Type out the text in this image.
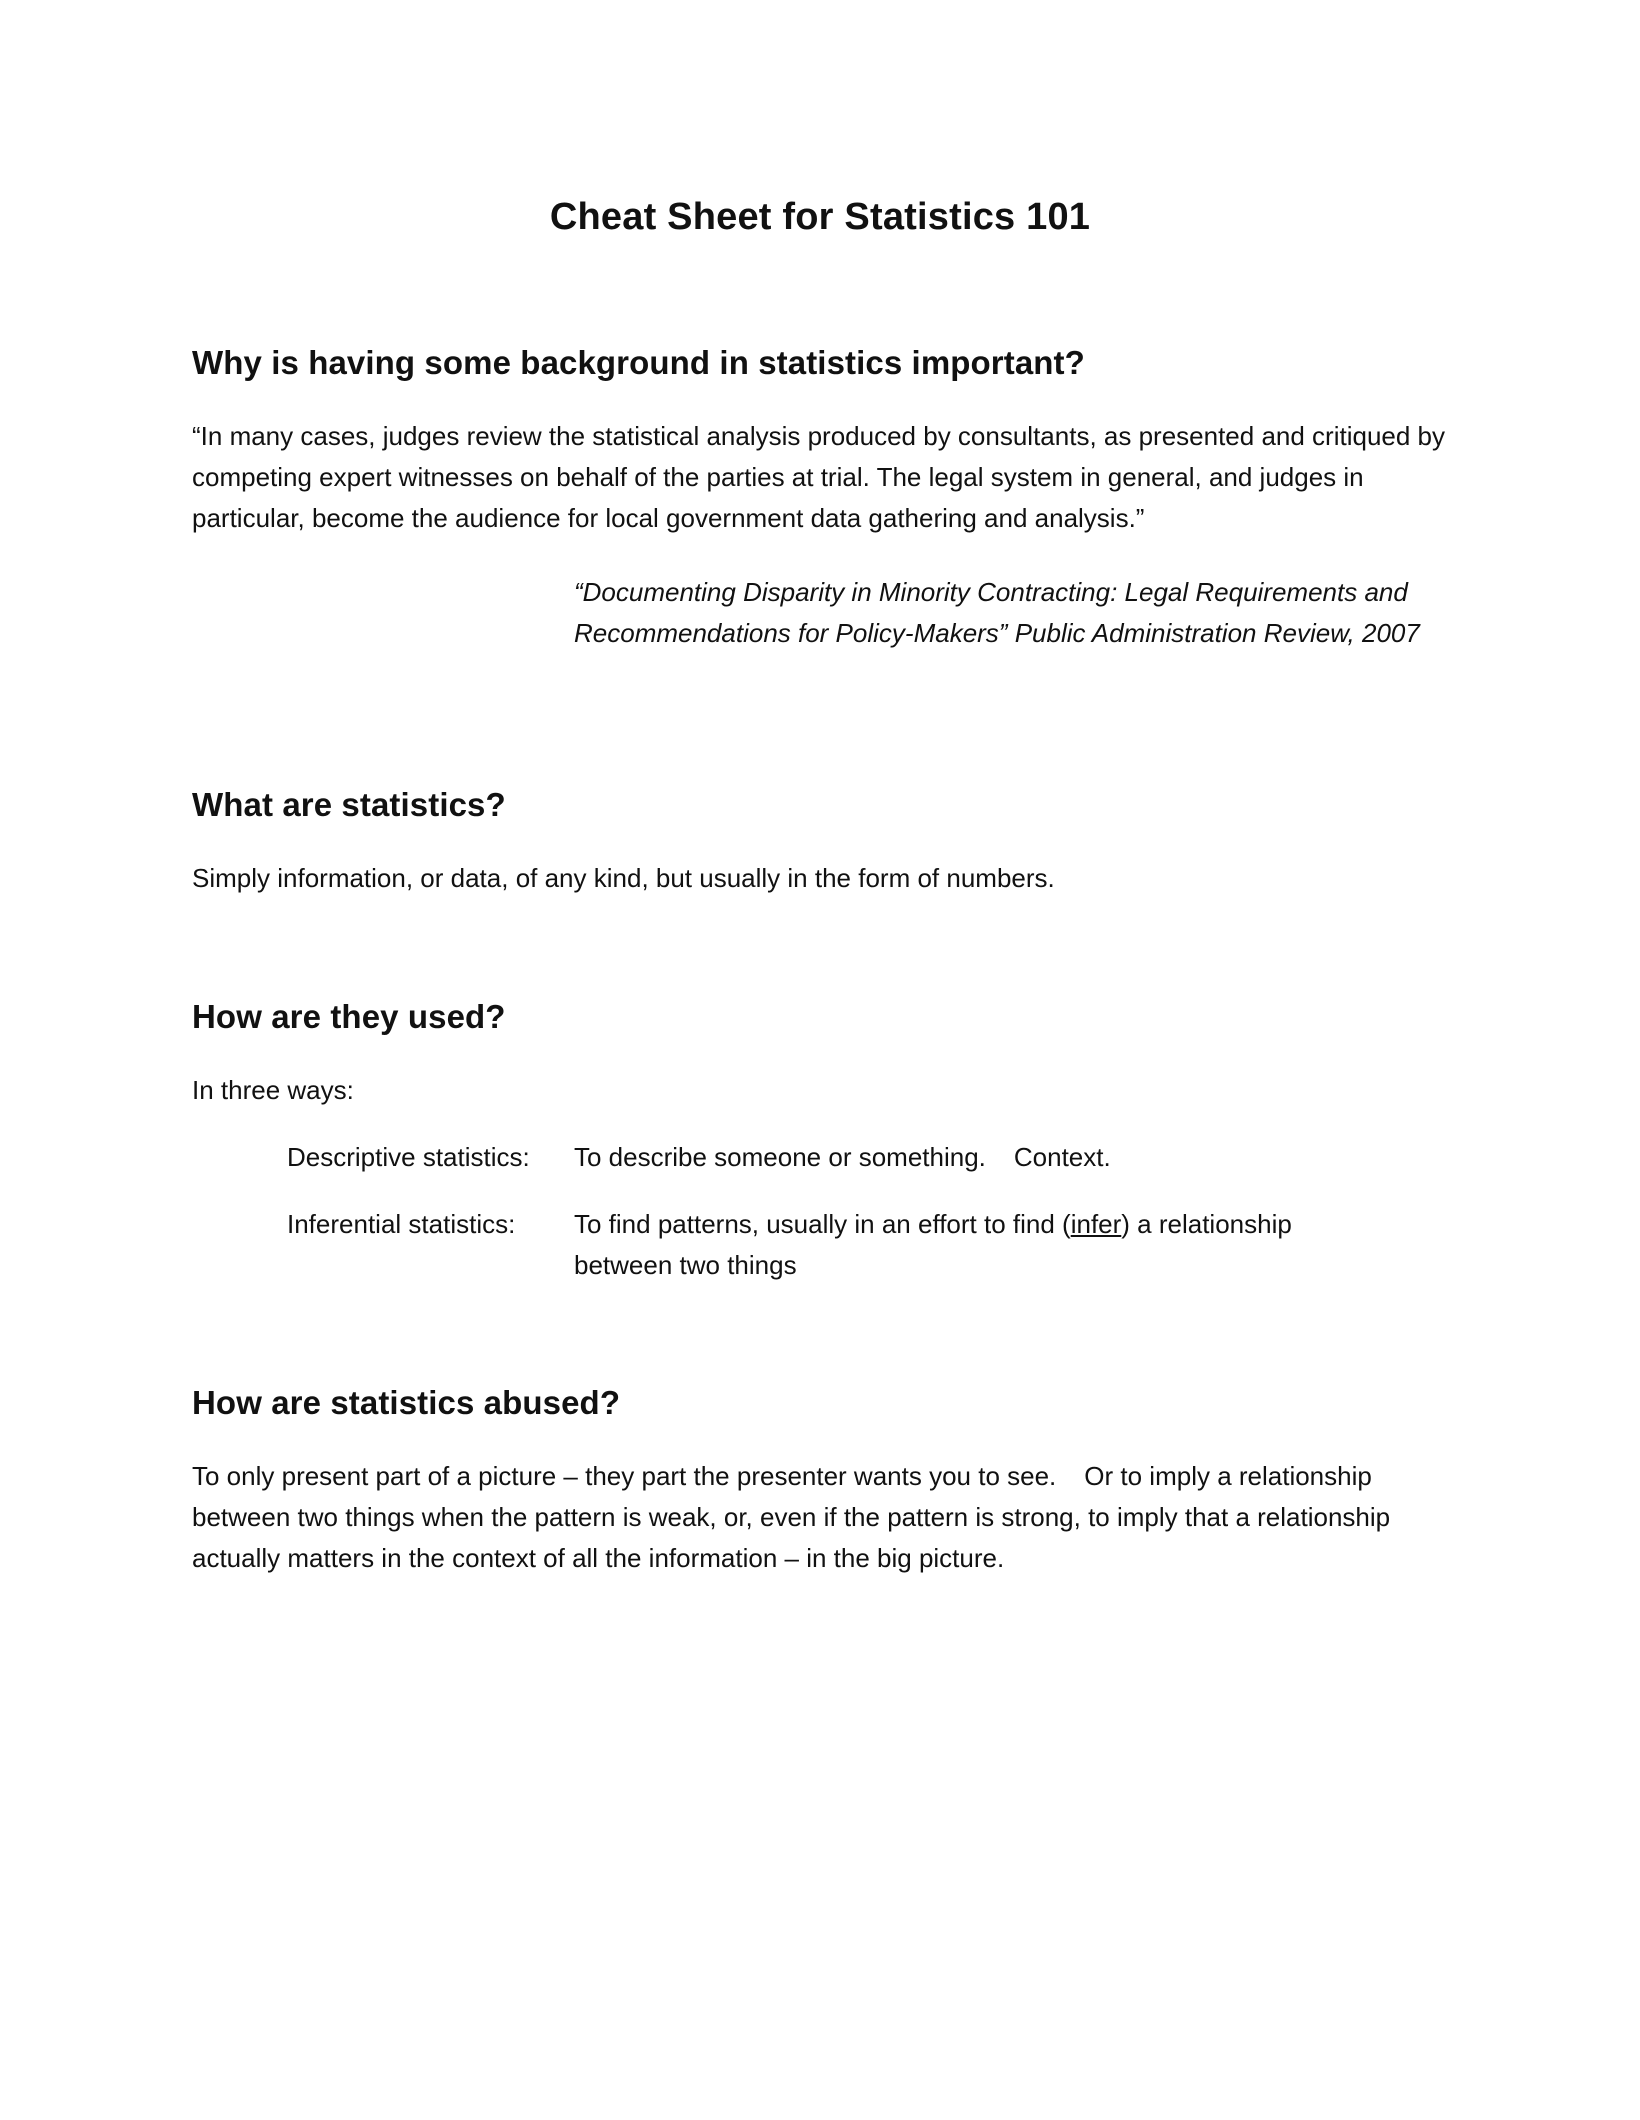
Cheat Sheet for Statistics 101
Why is having some background in statistics important?

“In many cases, judges review the statistical analysis produced by consultants, as presented and critiqued by competing expert witnesses on behalf of the parties at trial. The legal system in general, and judges in particular, become the audience for local government data gathering and analysis.”

“Documenting Disparity in Minority Contracting: Legal Requirements and Recommendations for Policy-Makers” Public Administration Review, 2007
What are statistics?

Simply information, or data, of any kind, but usually in the form of numbers.

How are they used?

In three ways:

Descriptive statistics:	To describe someone or something. Context.
Inferential statistics:	To find patterns, usually in an effort to find (infer) a relationship between two things
How are statistics abused?

To only present part of a picture – they part the presenter wants you to see. Or to imply a relationship between two things when the pattern is weak, or, even if the pattern is strong, to imply that a relationship actually matters in the context of all the information – in the big picture.
